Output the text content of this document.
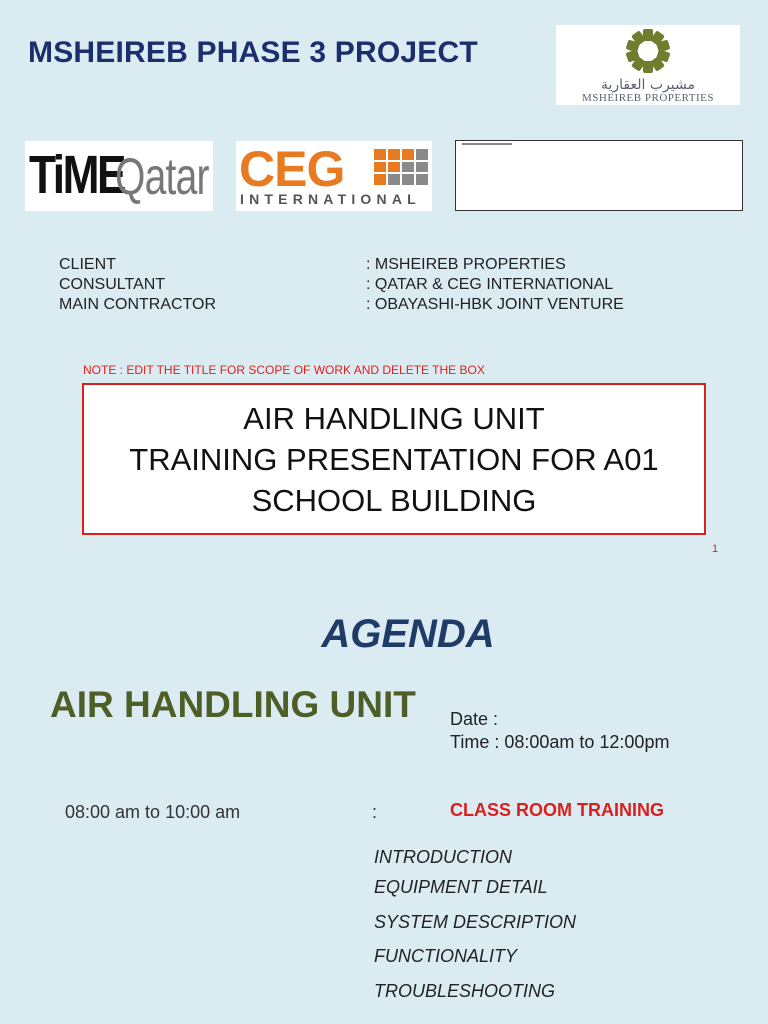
MSHEIREB PHASE 3 PROJECT
مشيرب العقارية
MSHEIREB PROPERTIES
TiME
Qatar CEG
INTERNATIONAL
CLIENT	: MSHEIREB PROPERTIES
CONSULTANT	: QATAR & CEG INTERNATIONAL
MAIN CONTRACTOR	: OBAYASHI-HBK JOINT VENTURE
NOTE : EDIT THE TITLE FOR SCOPE OF WORK AND DELETE THE BOX
AIR HANDLING UNIT
TRAINING PRESENTATION FOR A01
SCHOOL BUILDING
1
AGENDA
AIR HANDLING UNIT Date :
Time : 08:00am to 12:00pm
08:00 am to 10:00 am	:	CLASS ROOM TRAINING
INTRODUCTION
EQUIPMENT DETAIL
SYSTEM DESCRIPTION
FUNCTIONALITY
TROUBLESHOOTING
